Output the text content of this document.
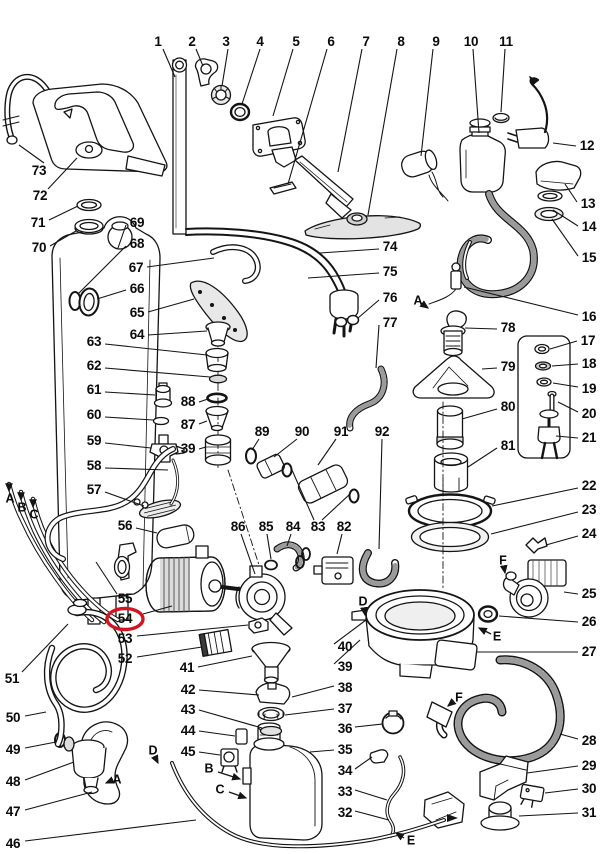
1 2 3 4 5 6 7 8 9 10 11
12
13
14
15
16
17
18
19
20
21
22
23
24
25
26
27
28
29
30
31
32
33
34
35
36
37
38
39
40
41
42
43
44
45
46
47
48
49
50
51
52
53
54
55
56
57
58
59
60
61
62
63 64
65
66
67
68
69
70
71
72
73
74
75
76
77	78
79
80
81
82
83
84
85
86
87
88
39
89 90 91 92
A
A
B
C
A
B
C
D
D
E
E
F
F
